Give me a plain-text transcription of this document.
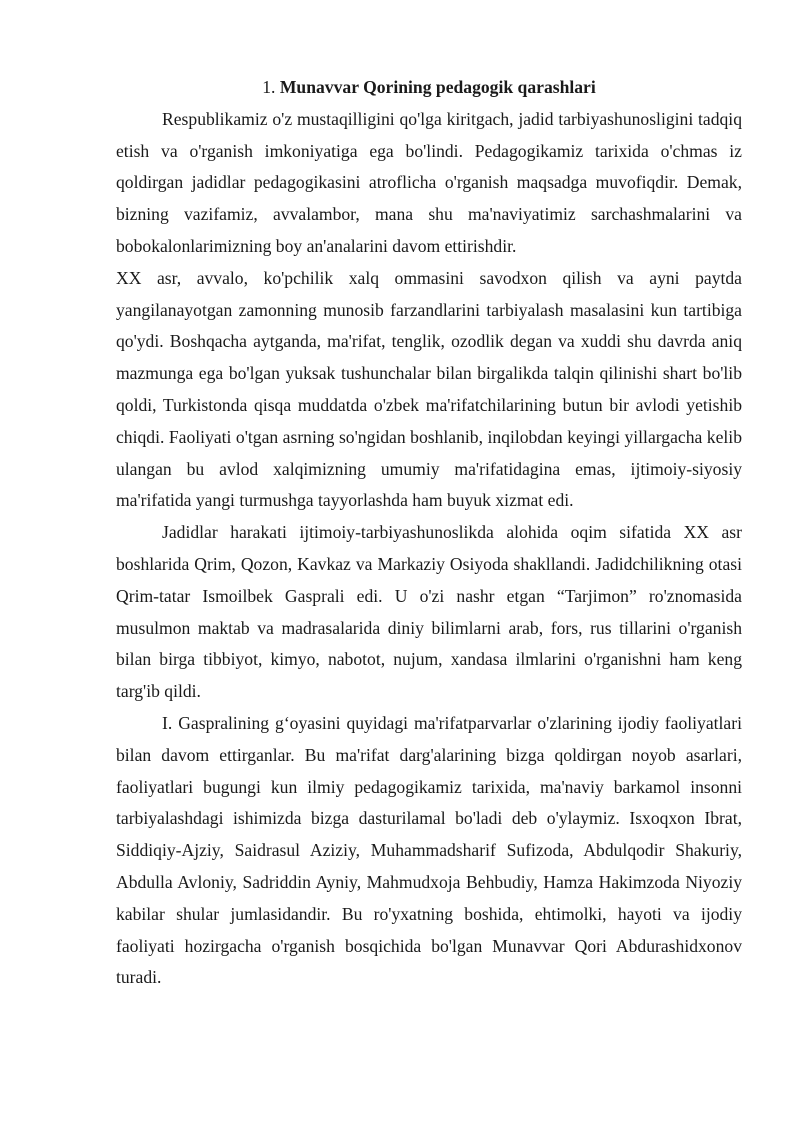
1. Munavvar Qorining pedagogik qarashlari

Respublikamiz o'z mustaqilligini qo'lga kiritgach, jadid tarbiyashunosligini tadqiq etish va o'rganish imkoniyatiga ega bo'lindi. Pedagogikamiz tarixida o'chmas iz qoldirgan jadidlar pedagogikasini atroflicha o'rganish maqsadga muvofiqdir. Demak, bizning vazifamiz, avvalambor, mana shu ma'naviyatimiz sarchashmalarini va bobokalonlarimizning boy an'analarini davom ettirishdir.

XX asr, avvalo, ko'pchilik xalq ommasini savodxon qilish va ayni paytda yangilanayotgan zamonning munosib farzandlarini tarbiyalash masalasini kun tartibiga qo'ydi. Boshqacha aytganda, ma'rifat, tenglik, ozodlik degan va xuddi shu davrda aniq mazmunga ega bo'lgan yuksak tushunchalar bilan birgalikda talqin qilinishi shart bo'lib qoldi, Turkistonda qisqa muddatda o'zbek ma'rifatchilarining butun bir avlodi yetishib chiqdi. Faoliyati o'tgan asrning so'ngidan boshlanib, inqilobdan keyingi yillargacha kelib ulangan bu avlod xalqimizning umumiy ma'rifatidagina emas, ijtimoiy-siyosiy ma'rifatida yangi turmushga tayyorlashda ham buyuk xizmat edi.

Jadidlar harakati ijtimoiy-tarbiyashunoslikda alohida oqim sifatida XX asr boshlarida Qrim, Qozon, Kavkaz va Markaziy Osiyoda shakllandi. Jadidchilikning otasi Qrim-tatar Ismoilbek Gasprali edi. U o'zi nashr etgan “Tarjimon” ro'znomasida musulmon maktab va madrasalarida diniy bilimlarni arab, fors, rus tillarini o'rganish bilan birga tibbiyot, kimyo, nabotot, nujum, xandasa ilmlarini o'rganishni ham keng targ'ib qildi.

I. Gaspralining g‘oyasini quyidagi ma'rifatparvarlar o'zlarining ijodiy faoliyatlari bilan davom ettirganlar. Bu ma'rifat darg'alarining bizga qoldirgan noyob asarlari, faoliyatlari bugungi kun ilmiy pedagogikamiz tarixida, ma'naviy barkamol insonni tarbiyalashdagi ishimizda bizga dasturilamal bo'ladi deb o'ylaymiz. Isxoqxon Ibrat, Siddiqiy-Ajziy, Saidrasul Aziziy, Muhammadsharif Sufizoda, Abdulqodir Shakuriy, Abdulla Avloniy, Sadriddin Ayniy, Mahmudxoja Behbudiy, Hamza Hakimzoda Niyoziy kabilar shular jumlasidandir. Bu ro'yxatning boshida, ehtimolki, hayoti va ijodiy faoliyati hozirgacha o'rganish bosqichida bo'lgan Munavvar Qori Abdurashidxonov turadi.
